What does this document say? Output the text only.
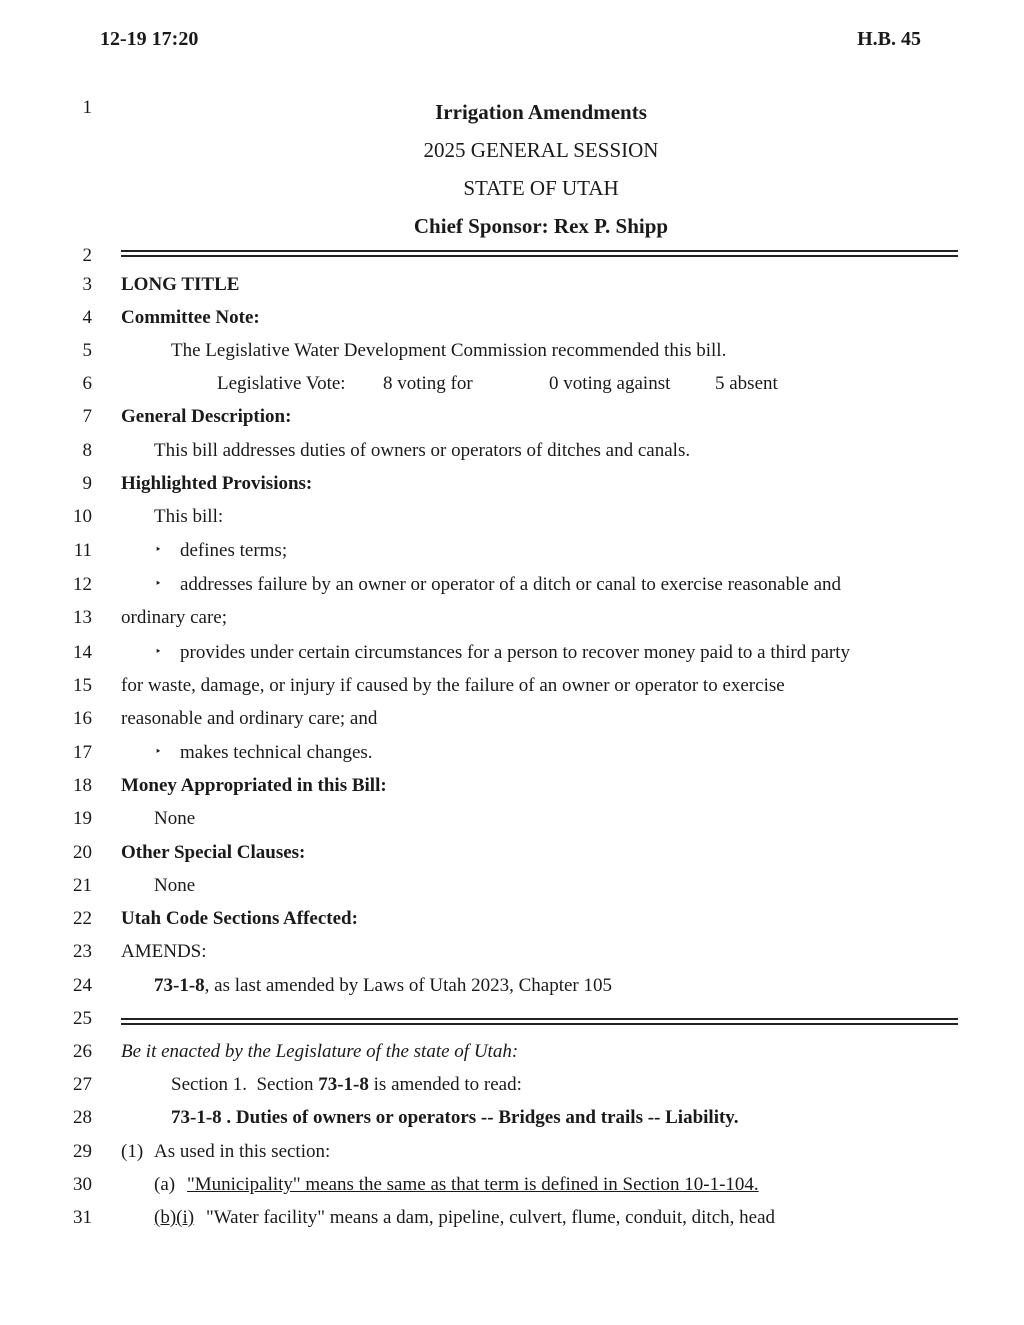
12-19 17:20	H.B. 45
1	Irrigation Amendments
2025 GENERAL SESSION
STATE OF UTAH
Chief Sponsor: Rex P. Shipp
2
3 LONG TITLE
4 Committee Note:
5	The Legislative Water Development Commission recommended this bill.
6	Legislative Vote: 8 voting for	0 voting against 5 absent
7 General Description:
8	This bill addresses duties of owners or operators of ditches and canals.
9 Highlighted Provisions:
10	This bill:
11	‣ defines terms;
12	‣ addresses failure by an owner or operator of a ditch or canal to exercise reasonable and
13 ordinary care;
14	‣ provides under certain circumstances for a person to recover money paid to a third party
15 for waste, damage, or injury if caused by the failure of an owner or operator to exercise
16 reasonable and ordinary care; and
17	‣ makes technical changes.
18 Money Appropriated in this Bill:
19	None
20 Other Special Clauses:
21	None
22 Utah Code Sections Affected:
23 AMENDS:
24	73-1-8, as last amended by Laws of Utah 2023, Chapter 105
25
26 Be it enacted by the Legislature of the state of Utah:
27	Section 1.  Section 73-1-8 is amended to read:
28	73-1-8 . Duties of owners or operators -- Bridges and trails -- Liability.
29 (1) As used in this section:
30	(a) "Municipality" means the same as that term is defined in Section 10-1-104.
31	(b)(i) "Water facility" means a dam, pipeline, culvert, flume, conduit, ditch, head
